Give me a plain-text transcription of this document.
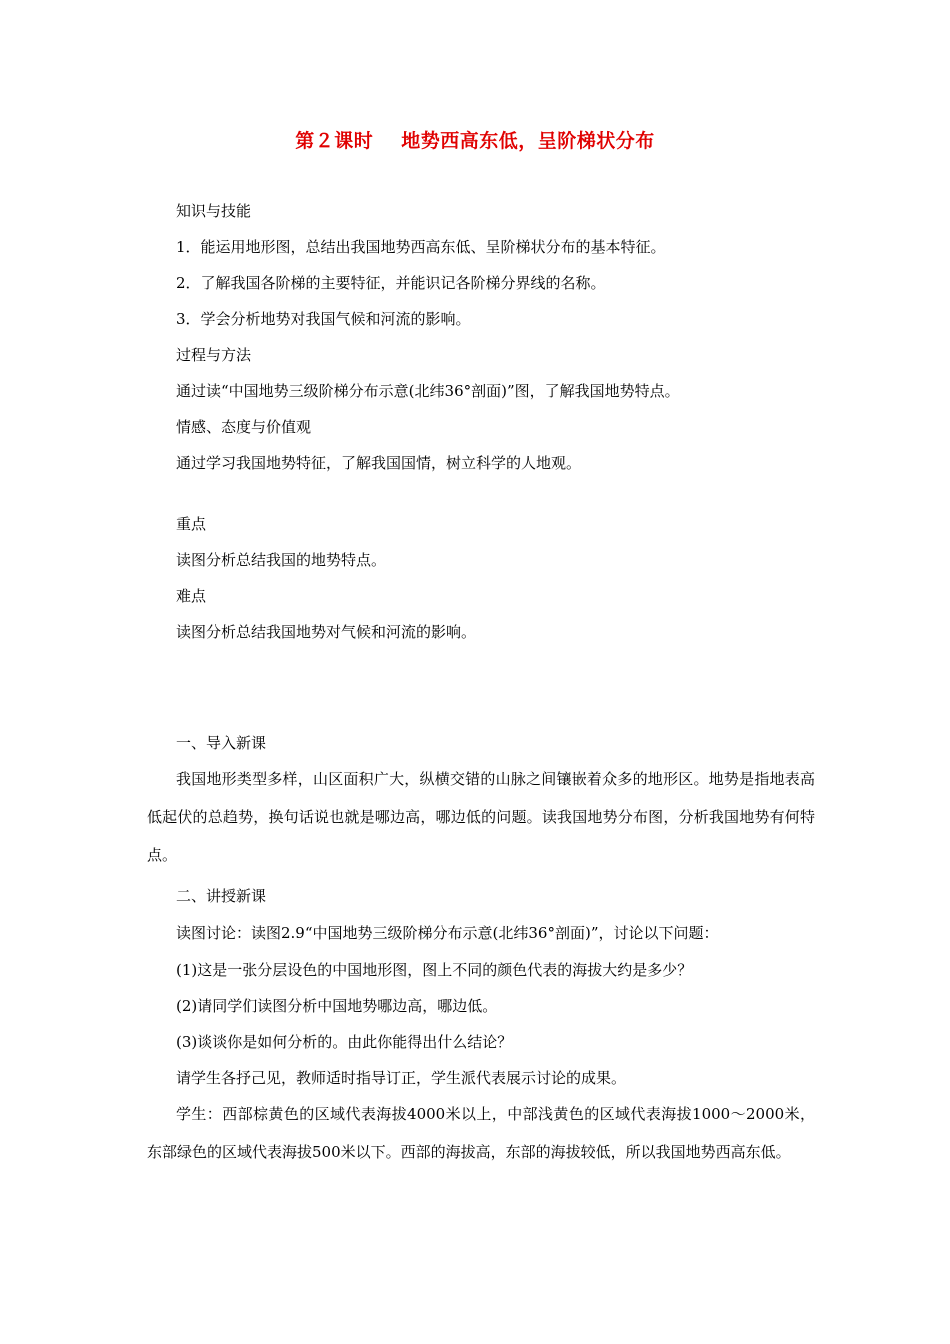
第２课时 地势西高东低，呈阶梯状分布
知识与技能
1．能运用地形图，总结出我国地势西高东低、呈阶梯状分布的基本特征。
2．了解我国各阶梯的主要特征，并能识记各阶梯分界线的名称。
3．学会分析地势对我国气候和河流的影响。
过程与方法
通过读“中国地势三级阶梯分布示意(北纬36°剖面)”图，了解我国地势特点。
情感、态度与价值观
通过学习我国地势特征，了解我国国情，树立科学的人地观。
重点
读图分析总结我国的地势特点。
难点
读图分析总结我国地势对气候和河流的影响。
一、导入新课
我国地形类型多样，山区面积广大，纵横交错的山脉之间镶嵌着众多的地形区。地势是指地表高低起伏的总趋势，换句话说也就是哪边高，哪边低的问题。读我国地势分布图，分析我国地势有何特点。
二、讲授新课
读图讨论：读图2.9“中国地势三级阶梯分布示意(北纬36°剖面)”，讨论以下问题：
(1)这是一张分层设色的中国地形图，图上不同的颜色代表的海拔大约是多少？
(2)请同学们读图分析中国地势哪边高，哪边低。
(3)谈谈你是如何分析的。由此你能得出什么结论？
请学生各抒己见，教师适时指导订正，学生派代表展示讨论的成果。
学生：西部棕黄色的区域代表海拔4000米以上，中部浅黄色的区域代表海拔1000～2000米，东部绿色的区域代表海拔500米以下。西部的海拔高，东部的海拔较低，所以我国地势西高东低。
